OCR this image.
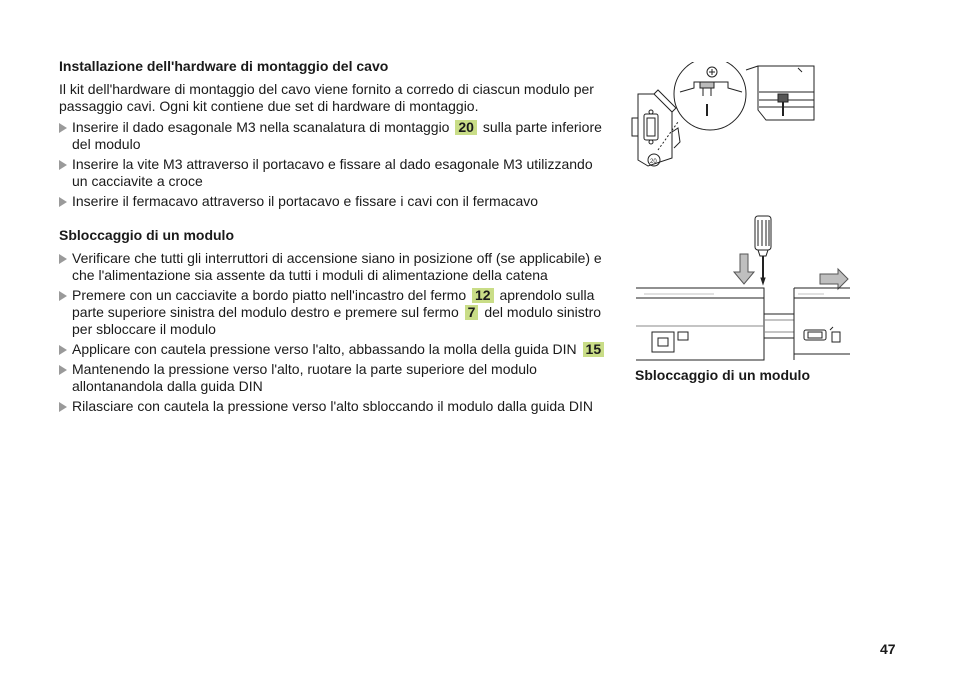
Installazione dell'hardware di montaggio del cavo

Il kit dell'hardware di montaggio del cavo viene fornito a corredo di ciascun modulo per passaggio cavi. Ogni kit contiene due set di hardware di montaggio.

Inserire il dado esagonale M3 nella scanalatura di montaggio 20 sulla parte inferiore del modulo
Inserire la vite M3 attraverso il portacavo e fissare al dado esagonale M3 utilizzando un cacciavite a croce
Inserire il fermacavo attraverso il portacavo e fissare i cavi con il fermacavo
Sbloccaggio di un modulo
Verificare che tutti gli interruttori di accensione siano in posizione off (se applicabile) e che l'alimentazione sia assente da tutti i moduli di alimentazione della catena
Premere con un cacciavite a bordo piatto nell'incastro del fermo 12 aprendolo sulla parte superiore sinistra del modulo destro e premere sul fermo 7 del modulo sinistro per sbloccare il modulo
Applicare con cautela pressione verso l'alto, abbassando la molla della guida DIN 15
Mantenendo la pressione verso l'alto, ruotare la parte superiore del modulo allontanandola dalla guida DIN
Rilasciare con cautela la pressione verso l'alto sbloccando il modulo dalla guida DIN
20
Sbloccaggio di un modulo
47
